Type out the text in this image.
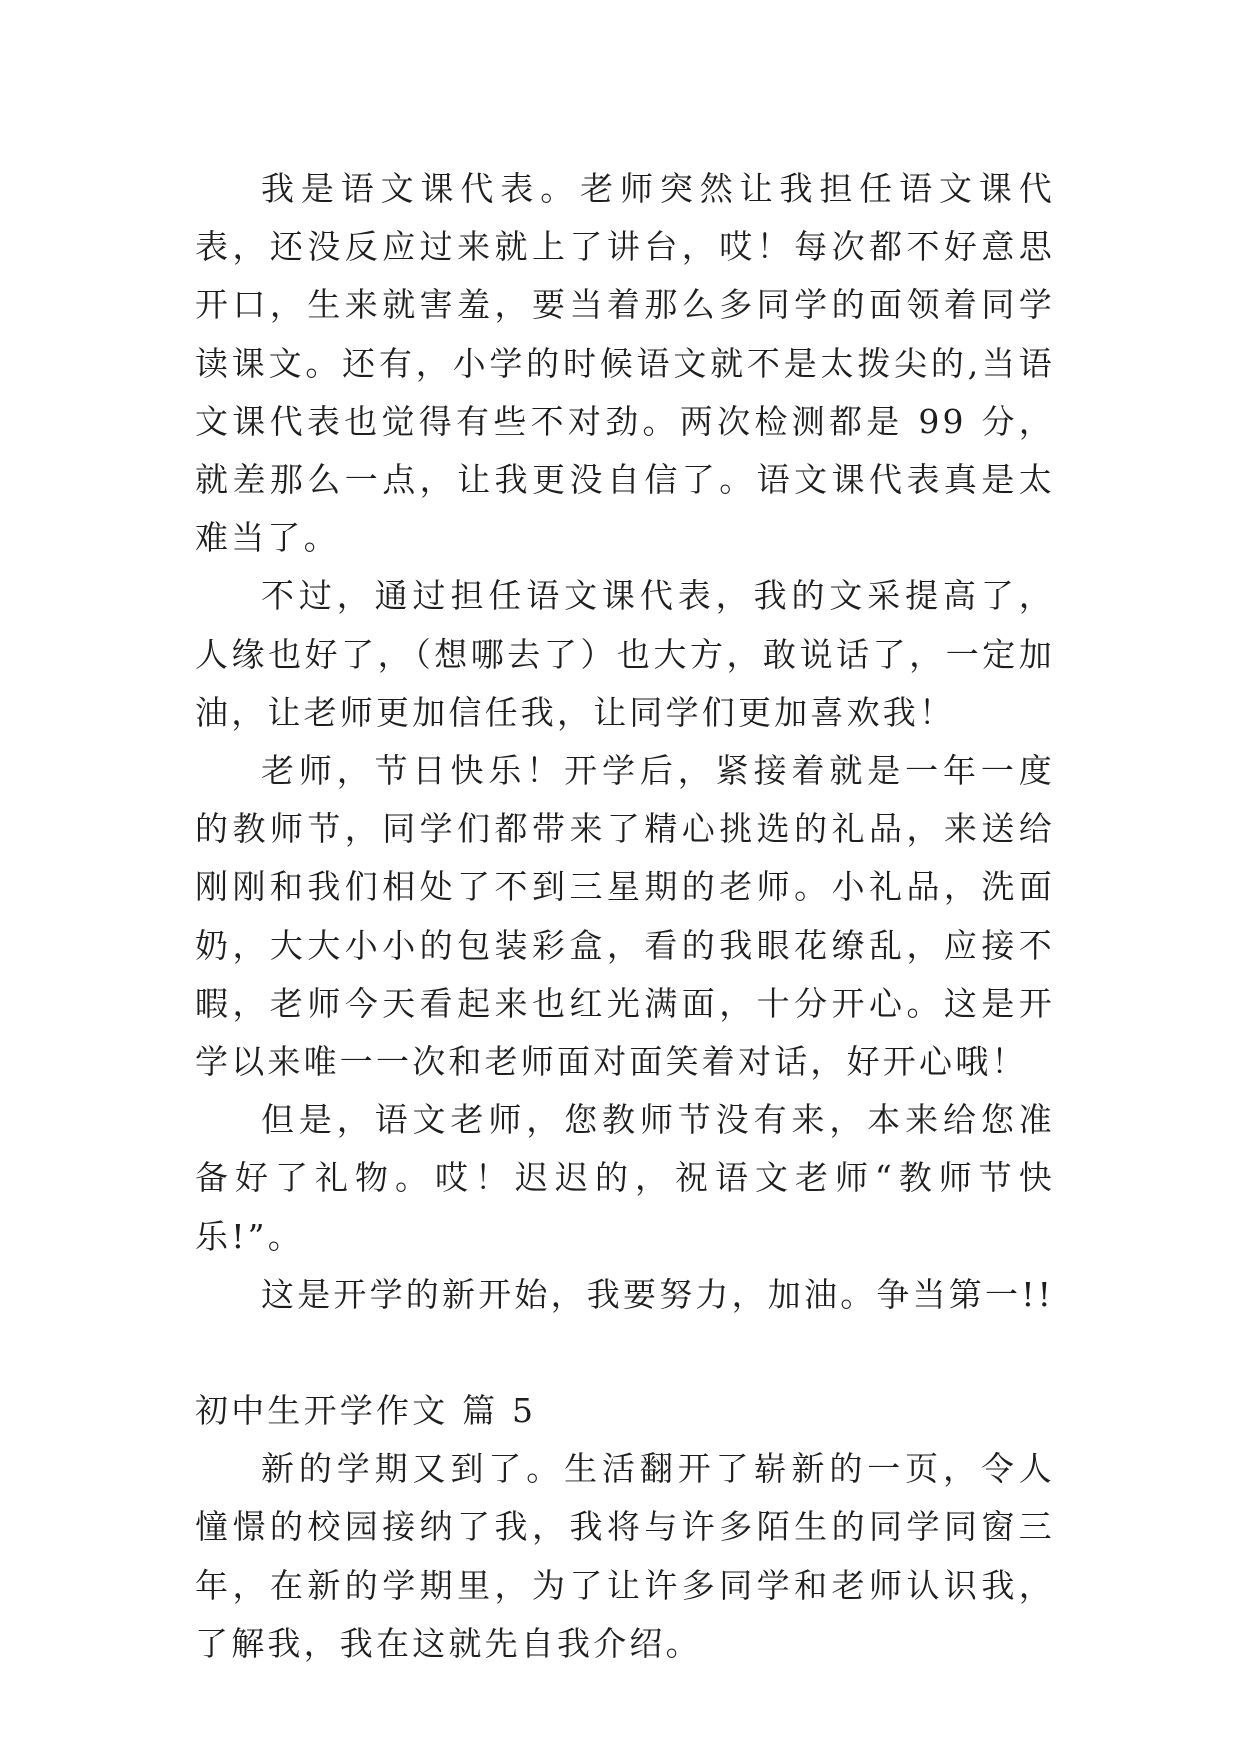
我是语文课代表。老师突然让我担任语文课代表，还没反应过来就上了讲台，哎！每次都不好意思开口，生来就害羞，要当着那么多同学的面领着同学读课文。还有，小学的时候语文就不是太拨尖的,当语文课代表也觉得有些不对劲。两次检测都是 99 分，就差那么一点，让我更没自信了。语文课代表真是太难当了。

不过，通过担任语文课代表，我的文采提高了，人缘也好了，（想哪去了）也大方，敢说话了，一定加油，让老师更加信任我，让同学们更加喜欢我！

老师，节日快乐！开学后，紧接着就是一年一度的教师节，同学们都带来了精心挑选的礼品，来送给刚刚和我们相处了不到三星期的老师。小礼品，洗面奶，大大小小的包装彩盒，看的我眼花缭乱，应接不暇，老师今天看起来也红光满面，十分开心。这是开学以来唯一一次和老师面对面笑着对话，好开心哦！

但是，语文老师，您教师节没有来，本来给您准备好了礼物。哎！迟迟的，祝语文老师“教师节快乐!”。

这是开学的新开始，我要努力，加油。争当第一!!

初中生开学作文 篇 5

新的学期又到了。生活翻开了崭新的一页，令人憧憬的校园接纳了我，我将与许多陌生的同学同窗三年，在新的学期里，为了让许多同学和老师认识我，了解我，我在这就先自我介绍。
